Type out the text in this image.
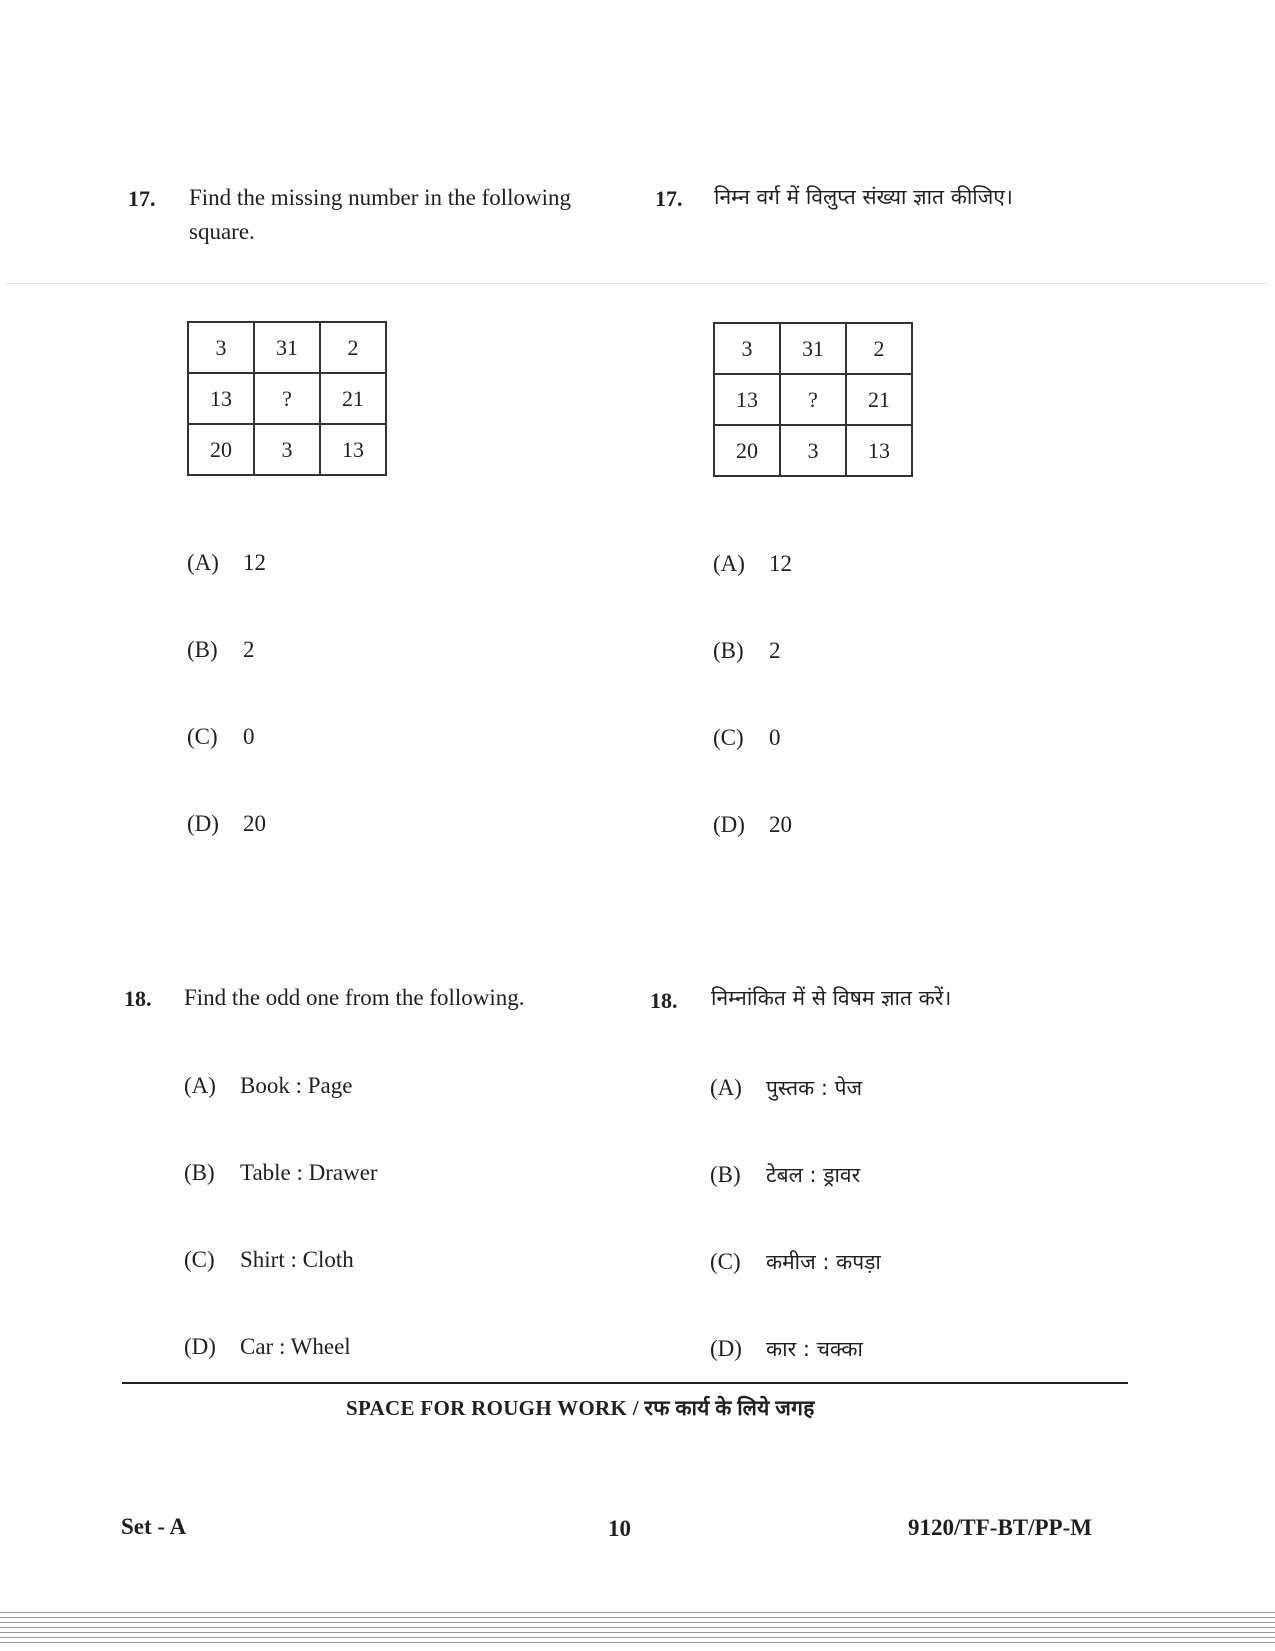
17. Find the missing number in the following
square.
17. निम्न वर्ग में विलुप्त संख्या ज्ञात कीजिए।
3	31	2
13	?	21
20	3	13
3	31	2
13	?	21
20	3	13
(A) 12
(B) 2
(C) 0
(D) 20
(A) 12
(B) 2
(C) 0
(D) 20
18. Find the odd one from the following.
(A) Book : Page
(B) Table : Drawer
(C) Shirt : Cloth
(D) Car : Wheel
18. निम्नांकित में से विषम ज्ञात करें।
(A) पुस्तक : पेज
(B) टेबल : ड्रावर
(C) कमीज : कपड़ा
(D) कार : चक्का
SPACE FOR ROUGH WORK / रफ कार्य के लिये जगह
Set - A	10	9120/TF-BT/PP-M
